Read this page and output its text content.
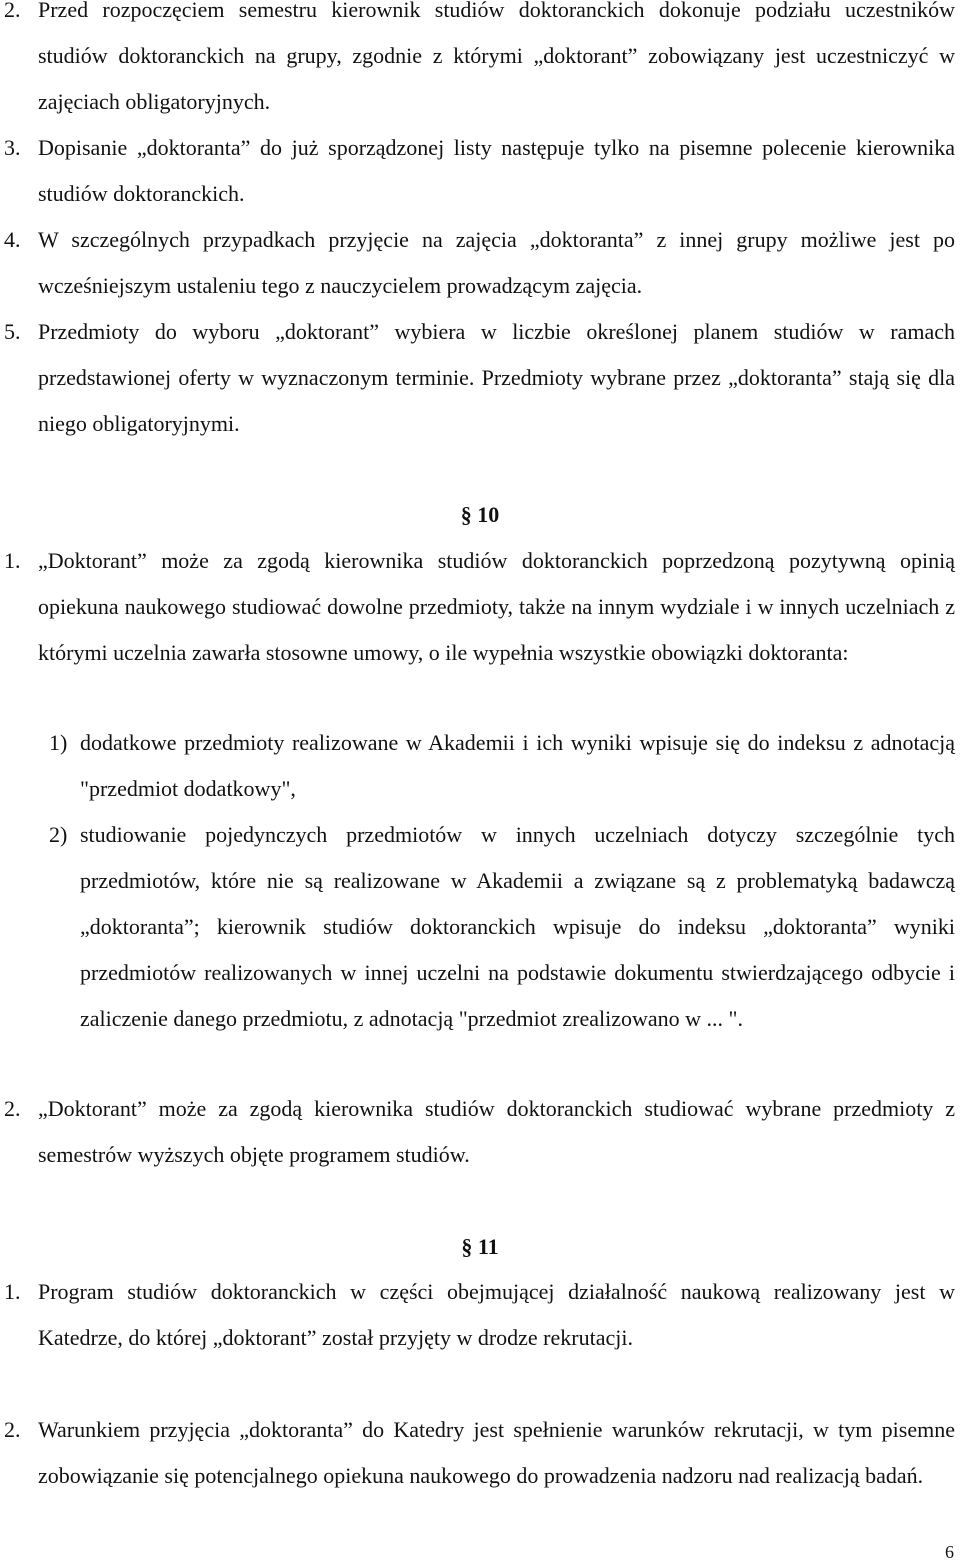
2. Przed rozpoczęciem semestru kierownik studiów doktoranckich dokonuje podziału uczestników studiów doktoranckich na grupy, zgodnie z którymi „doktorant” zobowiązany jest uczestniczyć w zajęciach obligatoryjnych.
3. Dopisanie „doktoranta” do już sporządzonej listy następuje tylko na pisemne polecenie kierownika studiów doktoranckich.
4. W szczególnych przypadkach przyjęcie na zajęcia „doktoranta” z innej grupy możliwe jest po wcześniejszym ustaleniu tego z nauczycielem prowadzącym zajęcia.
5. Przedmioty do wyboru „doktorant” wybiera w liczbie określonej planem studiów w ramach przedstawionej oferty w wyznaczonym terminie. Przedmioty wybrane przez „doktoranta” stają się dla niego obligatoryjnymi.
§ 10
1. „Doktorant” może za zgodą kierownika studiów doktoranckich poprzedzoną pozytywną opinią opiekuna naukowego studiować dowolne przedmioty, także na innym wydziale i w innych uczelniach z którymi uczelnia zawarła stosowne umowy, o ile wypełnia wszystkie obowiązki doktoranta:
1) dodatkowe przedmioty realizowane w Akademii i ich wyniki wpisuje się do indeksu z adnotacją "przedmiot dodatkowy",
2) studiowanie pojedynczych przedmiotów w innych uczelniach dotyczy szczególnie tych przedmiotów, które nie są realizowane w Akademii a związane są z problematyką badawczą „doktoranta”; kierownik studiów doktoranckich wpisuje do indeksu „doktoranta” wyniki przedmiotów realizowanych w innej uczelni na podstawie dokumentu stwierdzającego odbycie i zaliczenie danego przedmiotu, z adnotacją "przedmiot zrealizowano w ... ".
2. „Doktorant” może za zgodą kierownika studiów doktoranckich studiować wybrane przedmioty z semestrów wyższych objęte programem studiów.
§ 11
1. Program studiów doktoranckich w części obejmującej działalność naukową realizowany jest w Katedrze, do której „doktorant” został przyjęty w drodze rekrutacji.
2. Warunkiem przyjęcia „doktoranta” do Katedry jest spełnienie warunków rekrutacji, w tym pisemne zobowiązanie się potencjalnego opiekuna naukowego do prowadzenia nadzoru nad realizacją badań.
6
